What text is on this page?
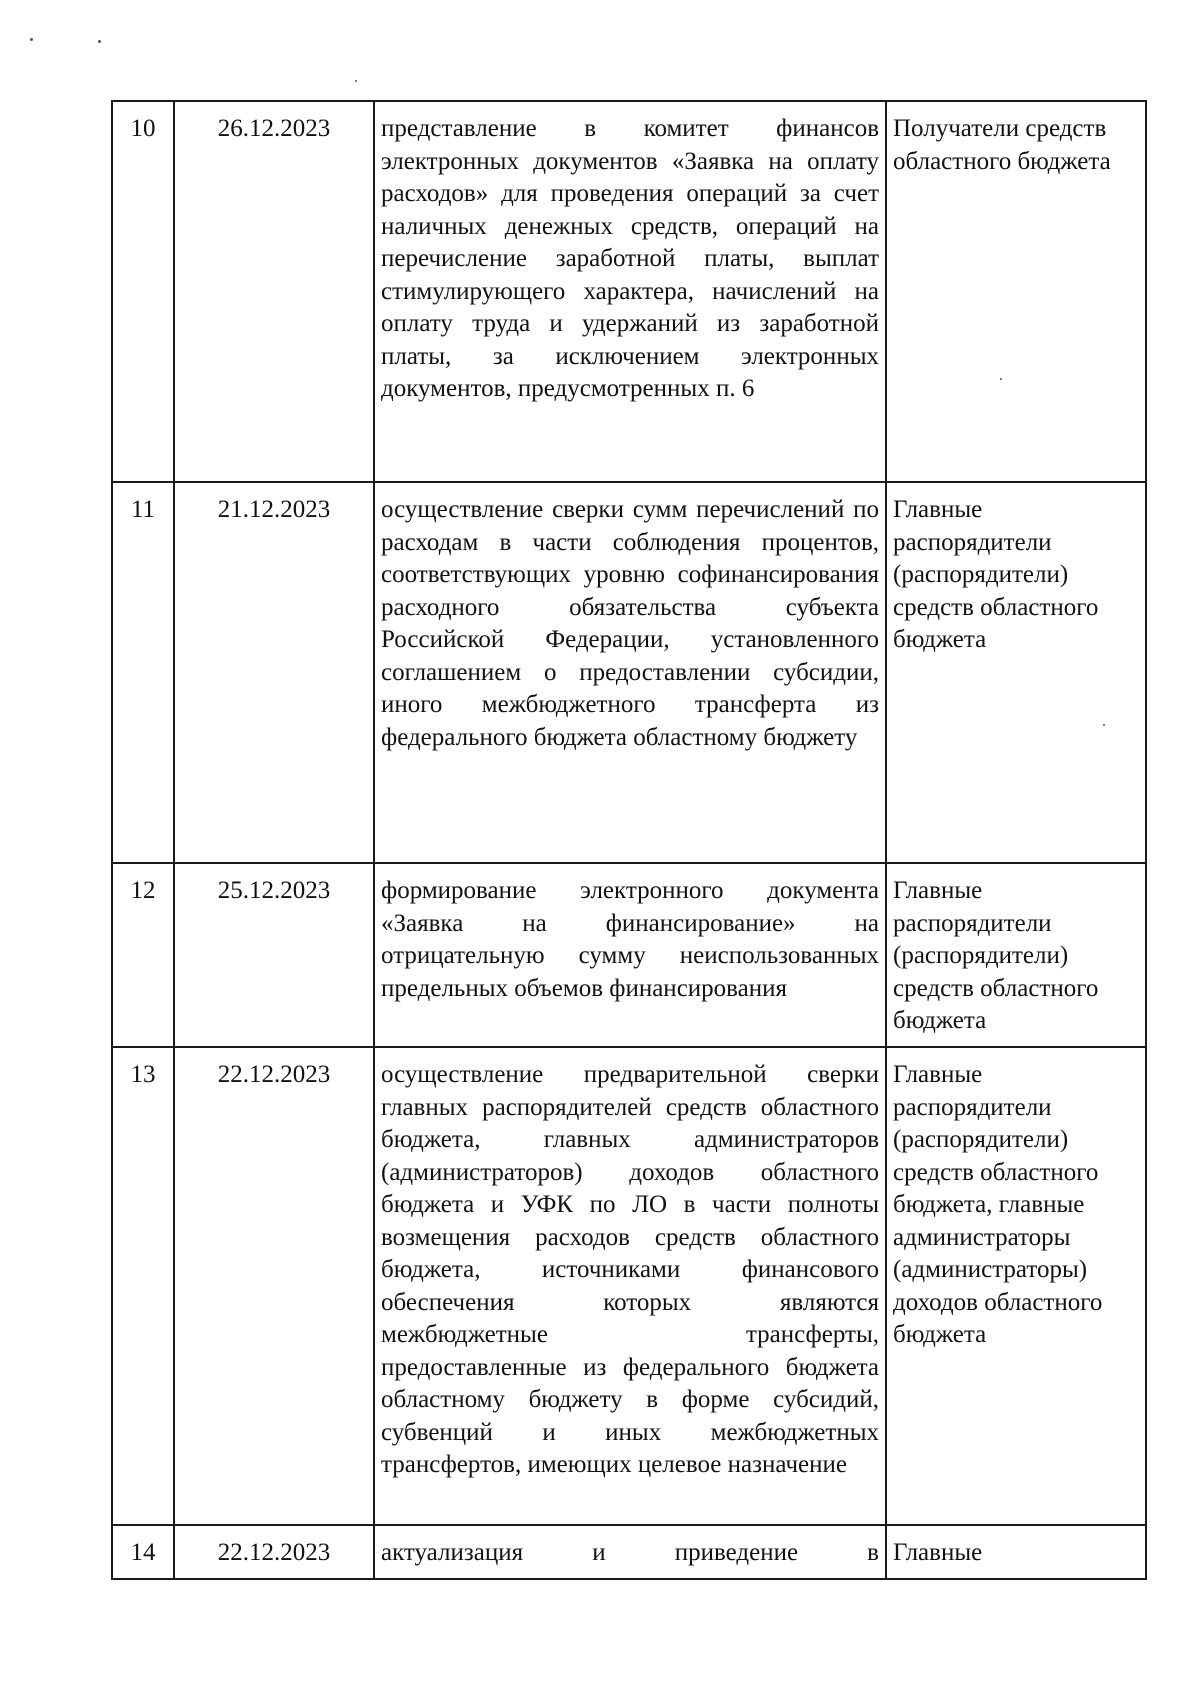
10	26.12.2023	представление в комитет финансов электронных документов «Заявка на оплату расходов» для проведения операций за счет наличных денежных средств, операций на перечисление заработной платы, выплат стимулирующего характера, начислений на оплату труда и удержаний из заработной платы, за исключением электронных документов, предусмотренных п. 6	Получатели средств областного бюджета
11	21.12.2023	осуществление сверки сумм перечислений по расходам в части соблюдения процентов, соответствующих уровню софинансирования расходного обязательства субъекта Российской Федерации, установленного соглашением о предоставлении субсидии, иного межбюджетного трансферта из федерального бюджета областному бюджету	Главные распорядители (распорядители) средств областного бюджета
12	25.12.2023	формирование электронного документа «Заявка на финансирование» на отрицательную сумму неиспользованных предельных объемов финансирования	Главные распорядители (распорядители) средств областного бюджета
13	22.12.2023	осуществление предварительной сверки главных распорядителей средств областного бюджета, главных администраторов (администраторов) доходов областного бюджета и УФК по ЛО в части полноты возмещения расходов средств областного бюджета, источниками финансового обеспечения которых являются межбюджетные трансферты, предоставленные из федерального бюджета областному бюджету в форме субсидий, субвенций и иных межбюджетных трансфертов, имеющих целевое назначение	Главные распорядители (распорядители) средств областного бюджета, главные администраторы (администраторы) доходов областного бюджета
14	22.12.2023	актуализация и приведение в	Главные
